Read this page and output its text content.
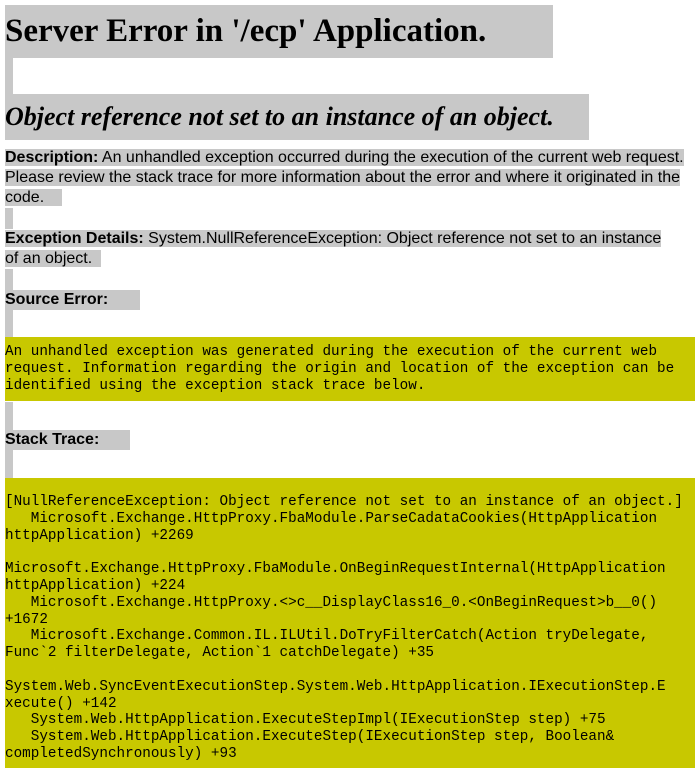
Server Error in '/ecp' Application.
Object reference not set to an instance of an object.
Description: An unhandled exception occurred during the execution of the current web request. Please review the stack trace for more information about the error and where it originated in the code.
Exception Details: System.NullReferenceException: Object reference not set to an instance of an object.
Source Error:
An unhandled exception was generated during the execution of the current web
request. Information regarding the origin and location of the exception can be
identified using the exception stack trace below.
Stack Trace:
[NullReferenceException: Object reference not set to an instance of an object.]
Microsoft.Exchange.HttpProxy.FbaModule.ParseCadataCookies(HttpApplication
httpApplication) +2269

Microsoft.Exchange.HttpProxy.FbaModule.OnBeginRequestInternal(HttpApplication
httpApplication) +224
Microsoft.Exchange.HttpProxy.<>c__DisplayClass16_0.<OnBeginRequest>b__0()
+1672
Microsoft.Exchange.Common.IL.ILUtil.DoTryFilterCatch(Action tryDelegate,
Func`2 filterDelegate, Action`1 catchDelegate) +35

System.Web.SyncEventExecutionStep.System.Web.HttpApplication.IExecutionStep.E
xecute() +142
System.Web.HttpApplication.ExecuteStepImpl(IExecutionStep step) +75
System.Web.HttpApplication.ExecuteStep(IExecutionStep step, Boolean&
completedSynchronously) +93
